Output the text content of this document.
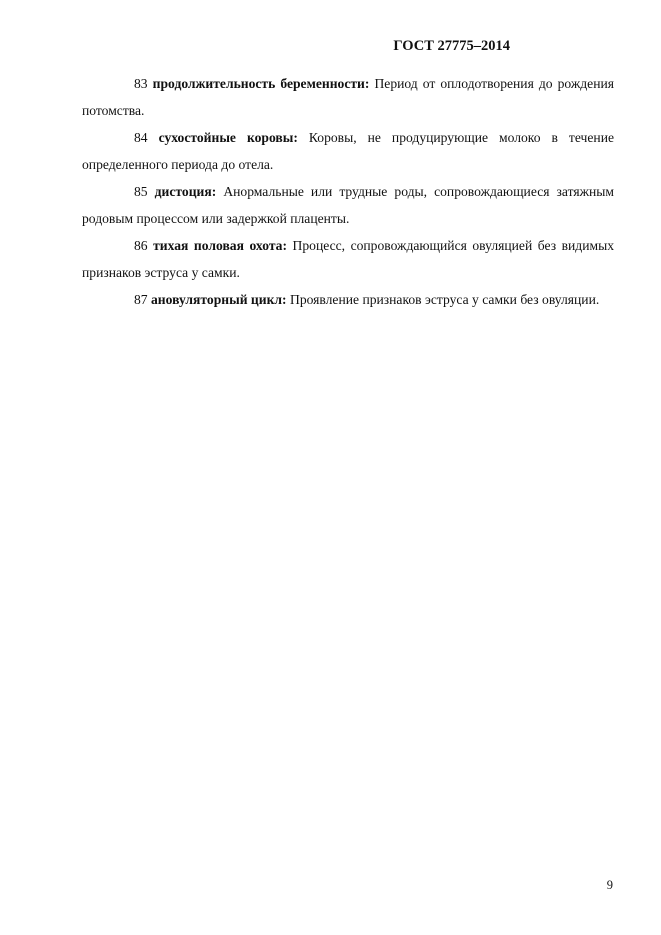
ГОСТ 27775–2014

83 продолжительность беременности: Период от оплодотворения до рождения потомства.

84 сухостойные коровы: Коровы, не продуцирующие молоко в течение определенного периода до отела.

85 дистоция: Анормальные или трудные роды, сопровождающиеся затяжным родовым процессом или задержкой плаценты.

86 тихая половая охота: Процесс, сопровождающийся овуляцией без видимых признаков эструса у самки.

87 ановуляторный цикл: Проявление признаков эструса у самки без овуляции.

9
